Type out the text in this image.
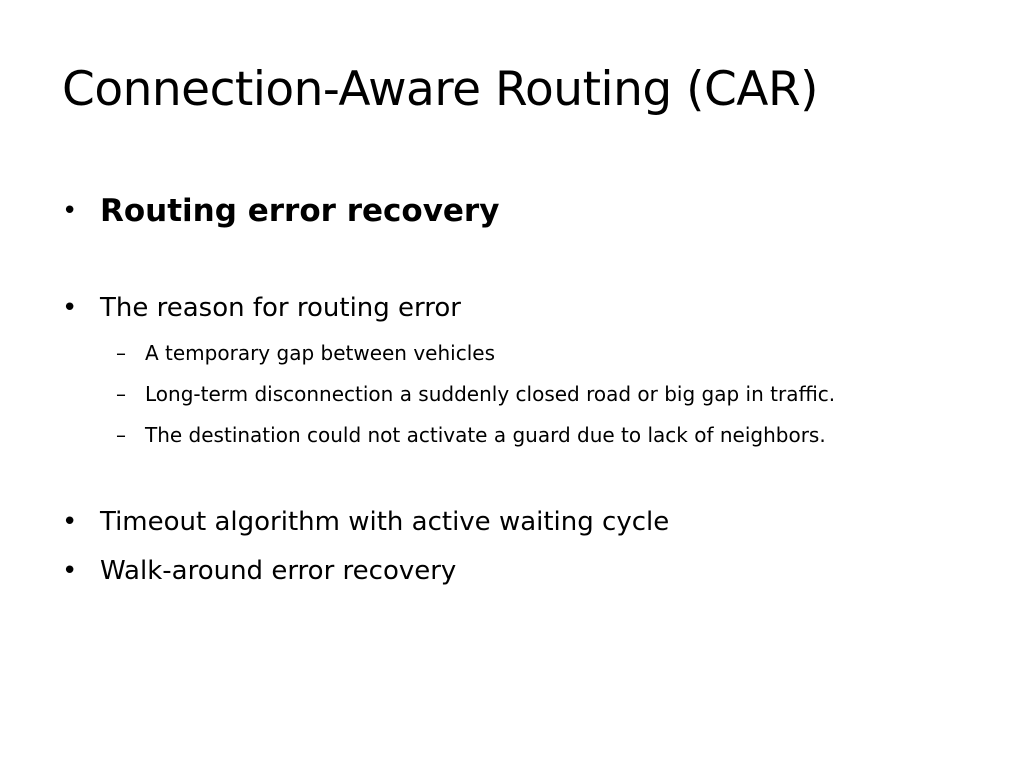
Connection-Aware Routing (CAR)
• Routing error recovery
• The reason for routing error
– A temporary gap between vehicles
– Long-term disconnection a suddenly closed road or big gap in traffic.
– The destination could not activate a guard due to lack of neighbors.
• Timeout algorithm with active waiting cycle
• Walk-around error recovery
